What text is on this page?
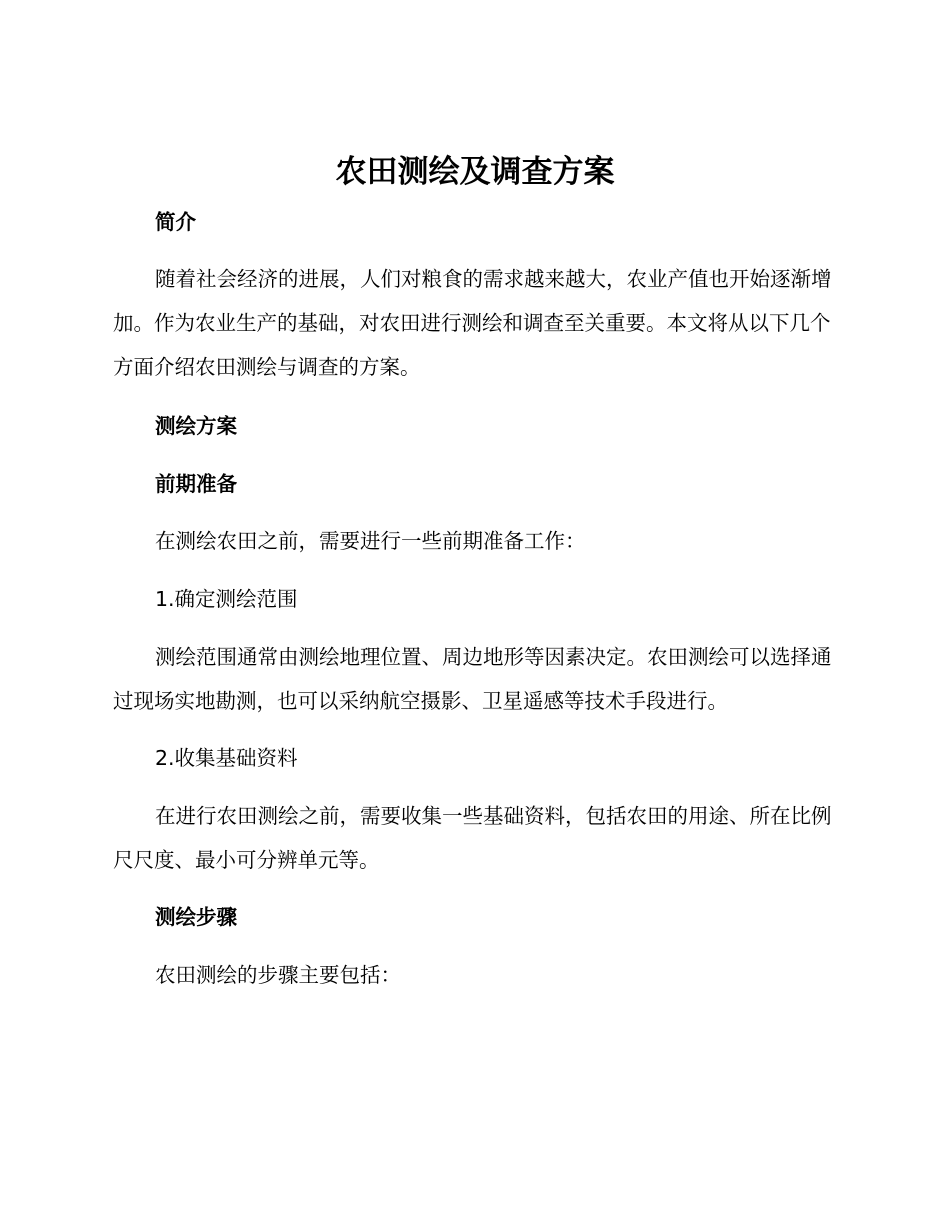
农田测绘及调查方案
简介

随着社会经济的进展，人们对粮食的需求越来越大，农业产值也开始逐渐增加。作为农业生产的基础，对农田进行测绘和调查至关重要。本文将从以下几个方面介绍农田测绘与调查的方案。

测绘方案
前期准备

在测绘农田之前，需要进行一些前期准备工作：

1.确定测绘范围

测绘范围通常由测绘地理位置、周边地形等因素决定。农田测绘可以选择通过现场实地勘测，也可以采纳航空摄影、卫星遥感等技术手段进行。

2.收集基础资料

在进行农田测绘之前，需要收集一些基础资料，包括农田的用途、所在比例尺尺度、最小可分辨单元等。

测绘步骤

农田测绘的步骤主要包括：
